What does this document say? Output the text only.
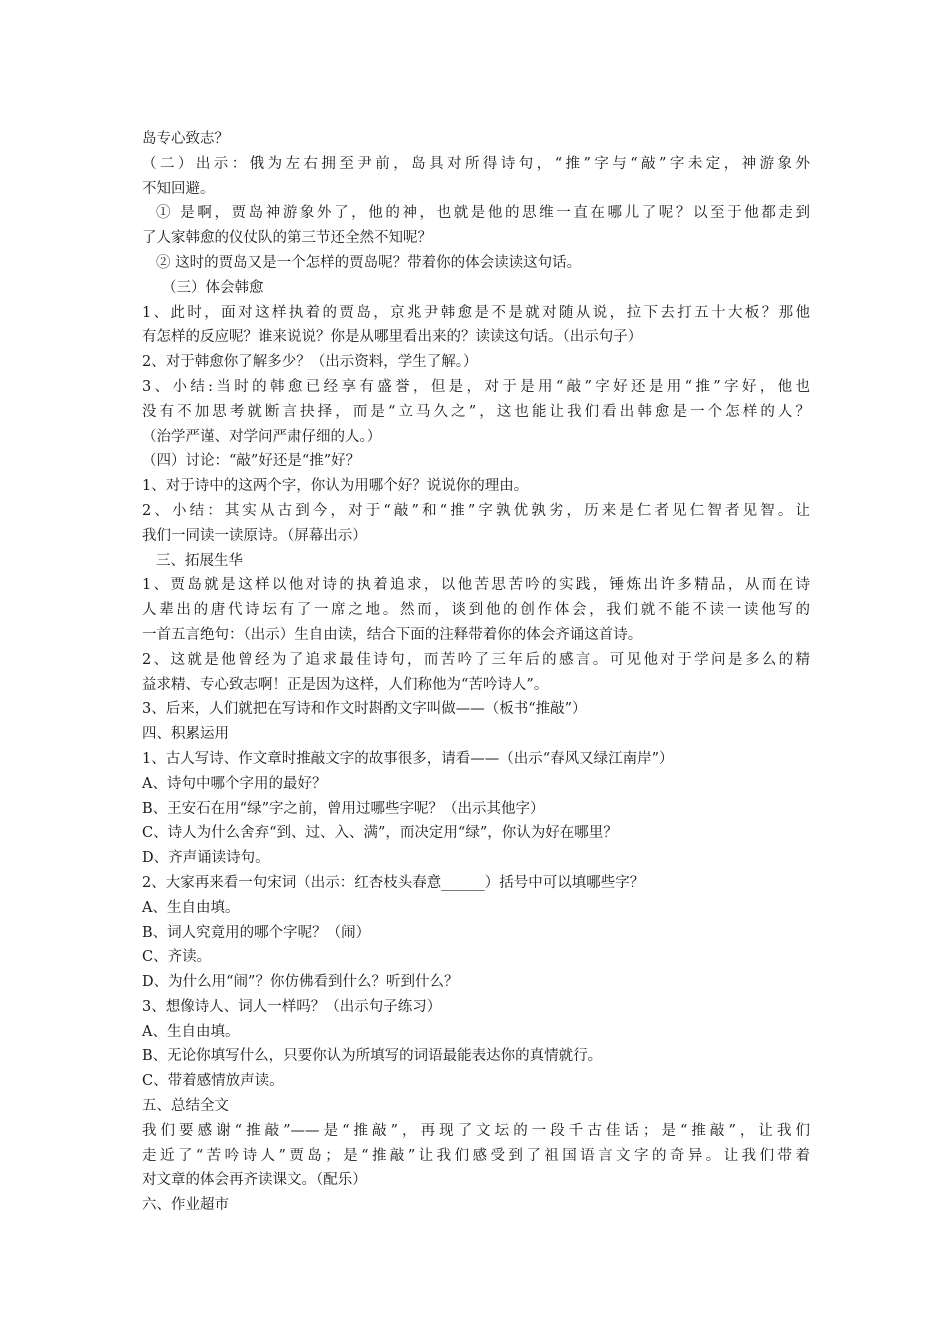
岛专心致志？
（二）出示：俄为左右拥至尹前，岛具对所得诗句，“推”字与“敲”字未定，神游象外
不知回避。
① 是啊，贾岛神游象外了，他的神，也就是他的思维一直在哪儿了呢？以至于他都走到
了人家韩愈的仪仗队的第三节还全然不知呢？
② 这时的贾岛又是一个怎样的贾岛呢？带着你的体会读读这句话。
（三）体会韩愈
1、此时，面对这样执着的贾岛，京兆尹韩愈是不是就对随从说，拉下去打五十大板？那他
有怎样的反应呢？谁来说说？你是从哪里看出来的？读读这句话。（出示句子）
2、对于韩愈你了解多少？（出示资料，学生了解。）
3、小结:当时的韩愈已经享有盛誉，但是，对于是用“敲”字好还是用“推”字好，他也
没有不加思考就断言抉择，而是“立马久之”，这也能让我们看出韩愈是一个怎样的人？
（治学严谨、对学问严肃仔细的人。）
（四）讨论：“敲”好还是“推”好？
1、对于诗中的这两个字，你认为用哪个好？说说你的理由。
2、小结：其实从古到今，对于“敲”和“推”字孰优孰劣，历来是仁者见仁智者见智。让
我们一同读一读原诗。（屏幕出示）
三、拓展生华
1、贾岛就是这样以他对诗的执着追求，以他苦思苦吟的实践，锤炼出许多精品，从而在诗
人辈出的唐代诗坛有了一席之地。然而，谈到他的创作体会，我们就不能不读一读他写的
一首五言绝句：（出示）生自由读，结合下面的注释带着你的体会齐诵这首诗。
2、这就是他曾经为了追求最佳诗句，而苦吟了三年后的感言。可见他对于学问是多么的精
益求精、专心致志啊！正是因为这样，人们称他为“苦吟诗人”。
3、后来，人们就把在写诗和作文时斟酌文字叫做——（板书“推敲”）
四、积累运用
1、古人写诗、作文章时推敲文字的故事很多，请看——（出示“春风又绿江南岸”）
A、诗句中哪个字用的最好？
B、王安石在用“绿”字之前，曾用过哪些字呢？（出示其他字）
C、诗人为什么舍弃“到、过、入、满”，而决定用“绿”，你认为好在哪里？
D、齐声诵读诗句。
2、大家再来看一句宋词（出示：红杏枝头春意______）括号中可以填哪些字？
A、生自由填。
B、词人究竟用的哪个字呢？（闹）
C、齐读。
D、为什么用“闹”？你仿佛看到什么？听到什么？
3、想像诗人、词人一样吗？（出示句子练习）
A、生自由填。
B、无论你填写什么，只要你认为所填写的词语最能表达你的真情就行。
C、带着感情放声读。
五、总结全文
我们要感谢“推敲”——是“推敲”，再现了文坛的一段千古佳话；是“推敲”，让我们
走近了“苦吟诗人”贾岛；是“推敲”让我们感受到了祖国语言文字的奇异。让我们带着
对文章的体会再齐读课文。（配乐）
六、作业超市
